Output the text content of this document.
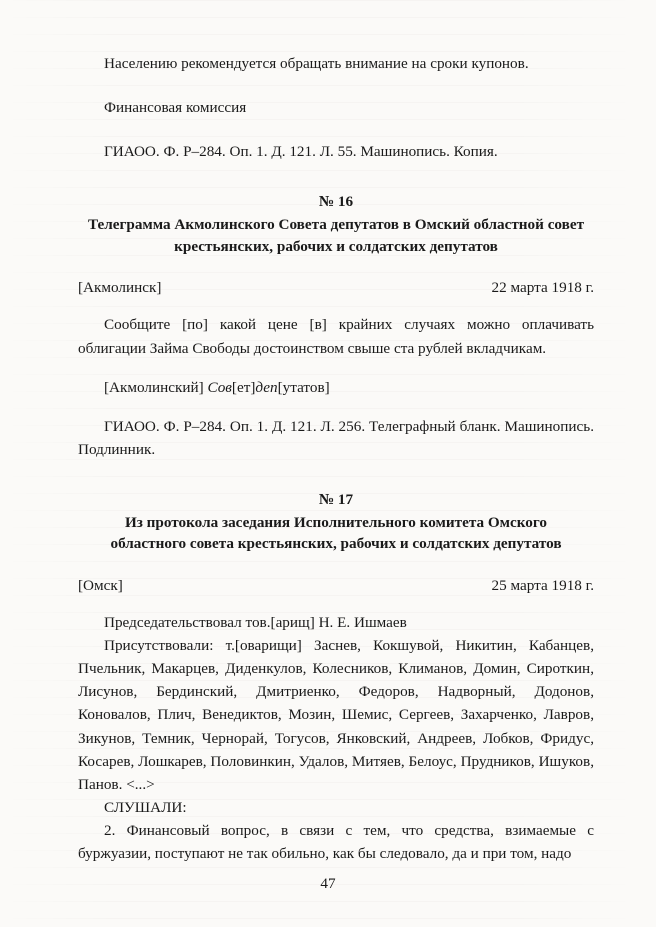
Населению рекомендуется обращать внимание на сроки купонов.

Финансовая комиссия

ГИАОО. Ф. Р–284. Оп. 1. Д. 121. Л. 55. Машинопись. Копия.

№ 16
Телеграмма Акмолинского Совета депутатов в Омский областной совет крестьянских, рабочих и солдатских депутатов
[Акмолинск]	22 марта 1918 г.

Сообщите [по] какой цене [в] крайних случаях можно оплачивать облигации Займа Свободы достоинством свыше ста рублей вкладчикам.

[Акмолинский] Сов[ет]деп[утатов]

ГИАОО. Ф. Р–284. Оп. 1. Д. 121. Л. 256. Телеграфный бланк. Машинопись. Подлинник.

№ 17
Из протокола заседания Исполнительного комитета Омского областного совета крестьянских, рабочих и солдатских депутатов
[Омск]	25 марта 1918 г.

Председательствовал тов.[арищ] Н. Е. Ишмаев

Присутствовали: т.[оварищи] Заснев, Кокшувой, Никитин, Кабанцев, Пчельник, Макарцев, Диденкулов, Колесников, Климанов, Домин, Сироткин, Лисунов, Бердинский, Дмитриенко, Федоров, Надворный, Додонов, Коновалов, Плич, Венедиктов, Мозин, Шемис, Сергеев, Захарченко, Лавров, Зикунов, Темник, Чернорай, Тогусов, Янковский, Андреев, Лобков, Фридус, Косарев, Лошкарев, Половинкин, Удалов, Митяев, Белоус, Прудников, Ишуков, Панов. <...>

СЛУШАЛИ:

2. Финансовый вопрос, в связи с тем, что средства, взимаемые с буржуазии, поступают не так обильно, как бы следовало, да и при том, надо

47
